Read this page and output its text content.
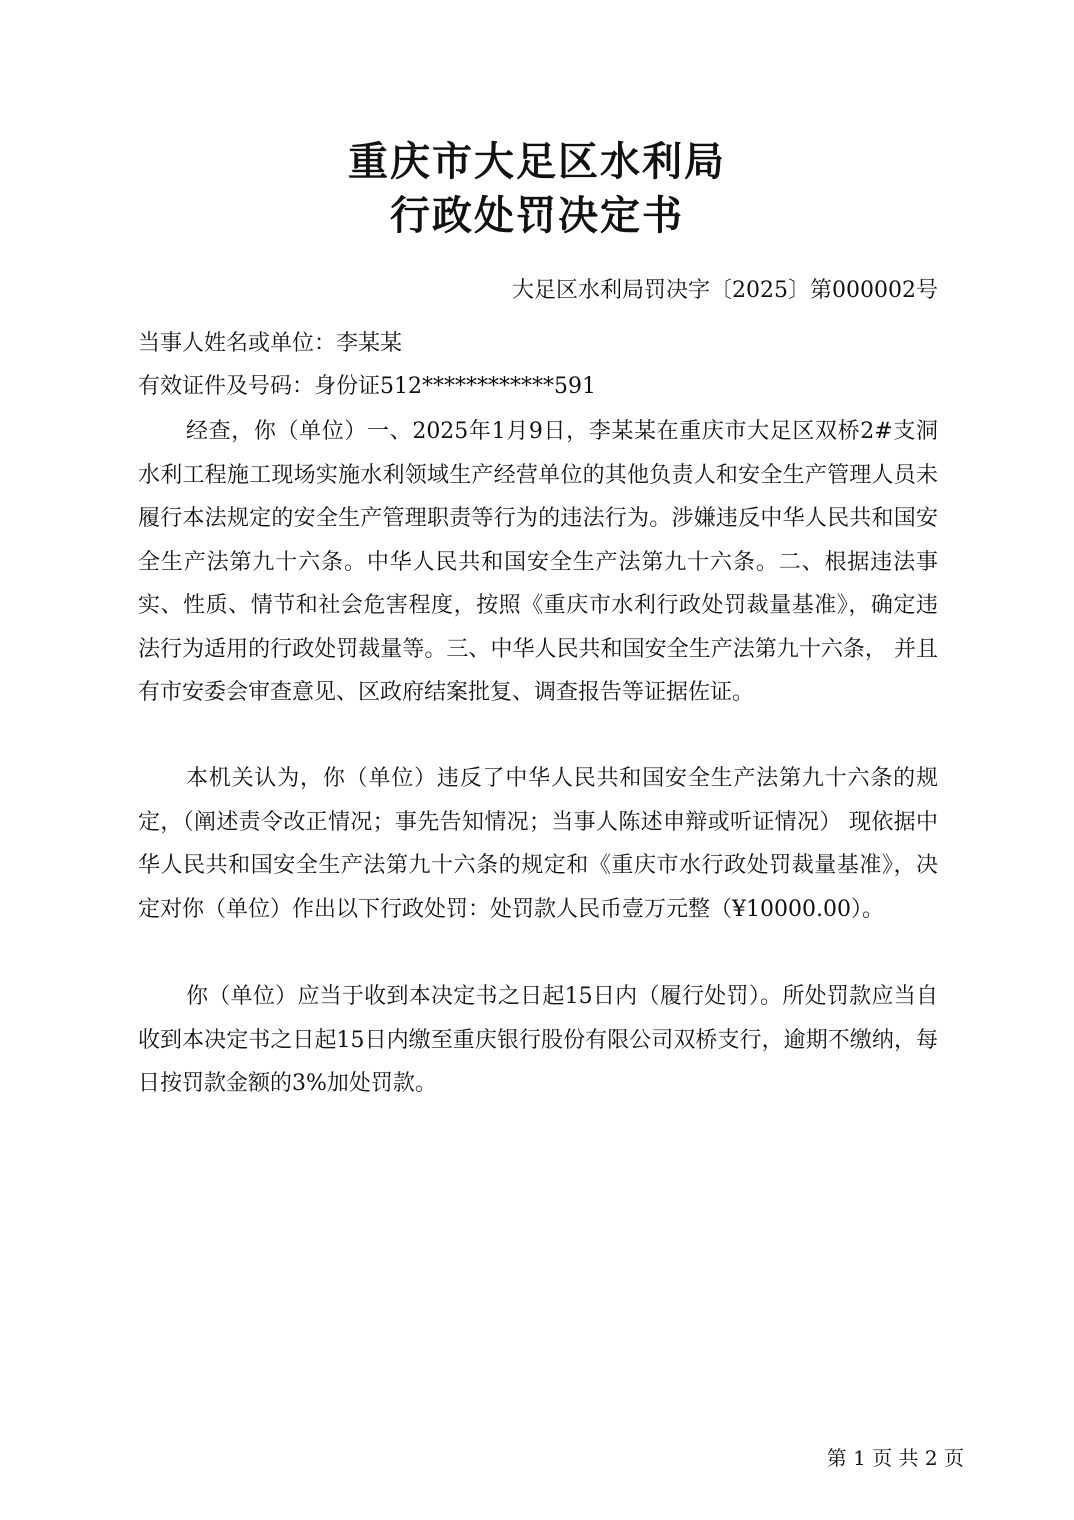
重庆市大足区水利局
行政处罚决定书
大足区水利局罚决字〔2025〕第000002号
当事人姓名或单位：李某某
有效证件及号码：身份证512************591

经查，你（单位）一、2025年1月9日，李某某在重庆市大足区双桥2#支洞水利工程施工现场实施水利领域生产经营单位的其他负责人和安全生产管理人员未履行本法规定的安全生产管理职责等行为的违法行为。涉嫌违反中华人民共和国安全生产法第九十六条。中华人民共和国安全生产法第九十六条。二、根据违法事实、性质、情节和社会危害程度，按照《重庆市水利行政处罚裁量基准》，确定违法行为适用的行政处罚裁量等。三、中华人民共和国安全生产法第九十六条， 并且有市安委会审查意见、区政府结案批复、调查报告等证据佐证。

本机关认为，你（单位）违反了中华人民共和国安全生产法第九十六条的规定，（阐述责令改正情况；事先告知情况；当事人陈述申辩或听证情况） 现依据中华人民共和国安全生产法第九十六条的规定和《重庆市水行政处罚裁量基准》，决定对你（单位）作出以下行政处罚：处罚款人民币壹万元整（¥10000.00）。

你（单位）应当于收到本决定书之日起15日内（履行处罚）。所处罚款应当自收到本决定书之日起15日内缴至重庆银行股份有限公司双桥支行，逾期不缴纳，每日按罚款金额的3%加处罚款。

第 1 页 共 2 页
